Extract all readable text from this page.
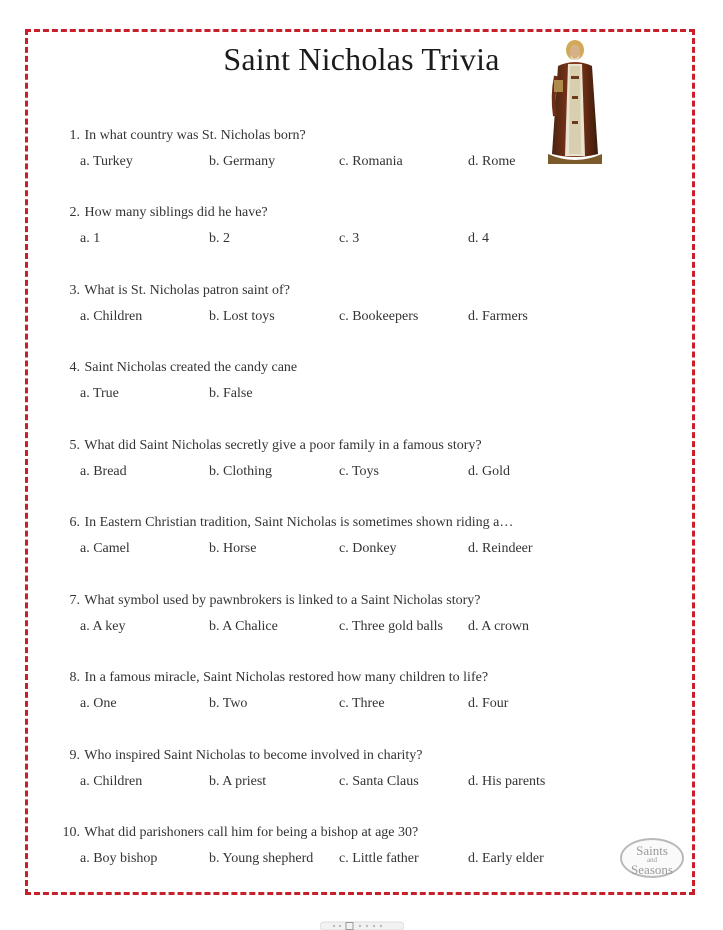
Saint Nicholas Trivia
1. In what country was St. Nicholas born?
a. Turkey	b. Germany	c. Romania	d. Rome
2. How many siblings did he have?
a. 1	b. 2	c. 3	d. 4
3. What is St. Nicholas patron saint of?
a. Children	b. Lost toys	c. Bookeepers	d. Farmers
4. Saint Nicholas created the candy cane
a. True	b. False
5. What did Saint Nicholas secretly give a poor family in a famous story?
a. Bread	b. Clothing	c. Toys	d. Gold
6. In Eastern Christian tradition, Saint Nicholas is sometimes shown riding a…
a. Camel	b. Horse	c. Donkey	d. Reindeer
7. What symbol used by pawnbrokers is linked to a Saint Nicholas story?
a. A key	b. A Chalice	c. Three gold balls d. A crown
8. In a famous miracle, Saint Nicholas restored how many children to life?
a. One	b. Two	c. Three	d. Four
9. Who inspired Saint Nicholas to become involved in charity?
a. Children	b. A priest	c. Santa Claus	d. His parents
10. What did parishoners call him for being a bishop at age 30?
a. Boy bishop	b. Young shepherd c. Little father	d. Early elder
Saints
and
Seasons
